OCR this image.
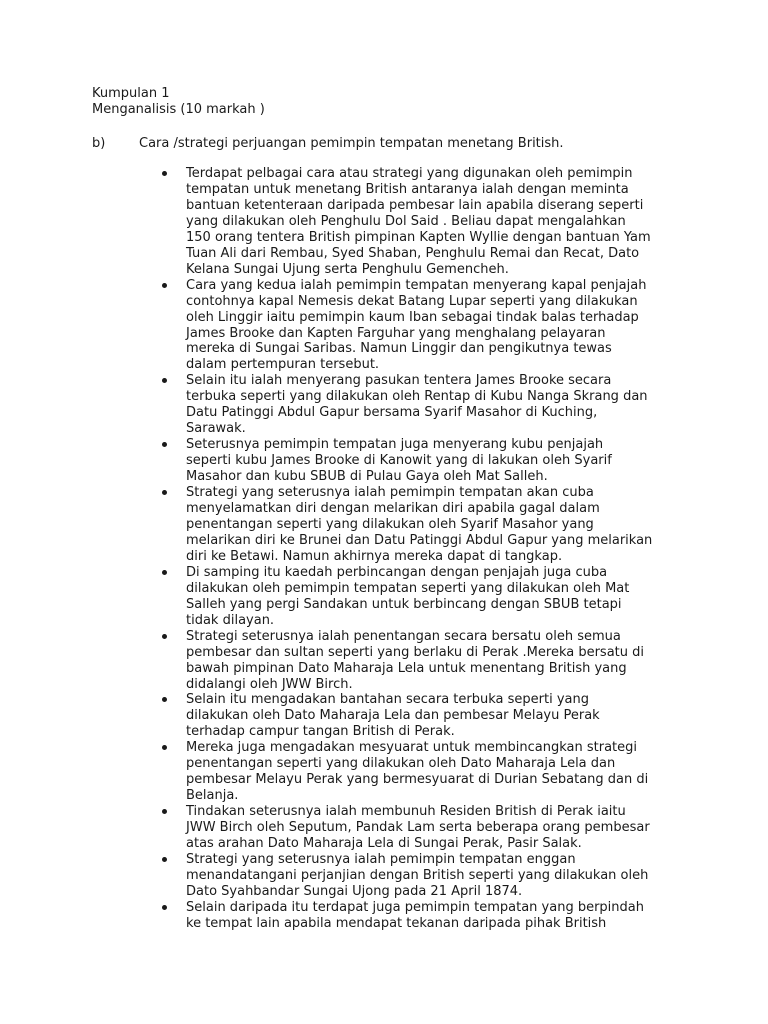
Kumpulan 1
Menganalisis (10 markah )
b)	Cara /strategi perjuangan pemimpin tempatan menetang British.
Terdapat pelbagai cara atau strategi yang digunakan oleh pemimpin
tempatan untuk menetang British antaranya ialah dengan meminta
bantuan ketenteraan daripada pembesar lain apabila diserang seperti
yang dilakukan oleh Penghulu Dol Said . Beliau dapat mengalahkan
150 orang tentera British pimpinan Kapten Wyllie dengan bantuan Yam
Tuan Ali dari Rembau, Syed Shaban, Penghulu Remai dan Recat, Dato
Kelana Sungai Ujung serta Penghulu Gemencheh.
Cara yang kedua ialah pemimpin tempatan menyerang kapal penjajah
contohnya kapal Nemesis dekat Batang Lupar seperti yang dilakukan
oleh Linggir iaitu pemimpin kaum Iban sebagai tindak balas terhadap
James Brooke dan Kapten Farguhar yang menghalang pelayaran
mereka di Sungai Saribas. Namun Linggir dan pengikutnya tewas
dalam pertempuran tersebut.
Selain itu ialah menyerang pasukan tentera James Brooke secara
terbuka seperti yang dilakukan oleh Rentap di Kubu Nanga Skrang dan
Datu Patinggi Abdul Gapur bersama Syarif Masahor di Kuching,
Sarawak.
Seterusnya pemimpin tempatan juga menyerang kubu penjajah
seperti kubu James Brooke di Kanowit yang di lakukan oleh Syarif
Masahor dan kubu SBUB di Pulau Gaya oleh Mat Salleh.
Strategi yang seterusnya ialah pemimpin tempatan akan cuba
menyelamatkan diri dengan melarikan diri apabila gagal dalam
penentangan seperti yang dilakukan oleh Syarif Masahor yang
melarikan diri ke Brunei dan Datu Patinggi Abdul Gapur yang melarikan
diri ke Betawi. Namun akhirnya mereka dapat di tangkap.
Di samping itu kaedah perbincangan dengan penjajah juga cuba
dilakukan oleh pemimpin tempatan seperti yang dilakukan oleh Mat
Salleh yang pergi Sandakan untuk berbincang dengan SBUB tetapi
tidak dilayan.
Strategi seterusnya ialah penentangan secara bersatu oleh semua
pembesar dan sultan seperti yang berlaku di Perak .Mereka bersatu di
bawah pimpinan Dato Maharaja Lela untuk menentang British yang
didalangi oleh JWW Birch.
Selain itu mengadakan bantahan secara terbuka seperti yang
dilakukan oleh Dato Maharaja Lela dan pembesar Melayu Perak
terhadap campur tangan British di Perak.
Mereka juga mengadakan mesyuarat untuk membincangkan strategi
penentangan seperti yang dilakukan oleh Dato Maharaja Lela dan
pembesar Melayu Perak yang bermesyuarat di Durian Sebatang dan di
Belanja.
Tindakan seterusnya ialah membunuh Residen British di Perak iaitu
JWW Birch oleh Seputum, Pandak Lam serta beberapa orang pembesar
atas arahan Dato Maharaja Lela di Sungai Perak, Pasir Salak.
Strategi yang seterusnya ialah pemimpin tempatan enggan
menandatangani perjanjian dengan British seperti yang dilakukan oleh
Dato Syahbandar Sungai Ujong pada 21 April 1874.
Selain daripada itu terdapat juga pemimpin tempatan yang berpindah
ke tempat lain apabila mendapat tekanan daripada pihak British
